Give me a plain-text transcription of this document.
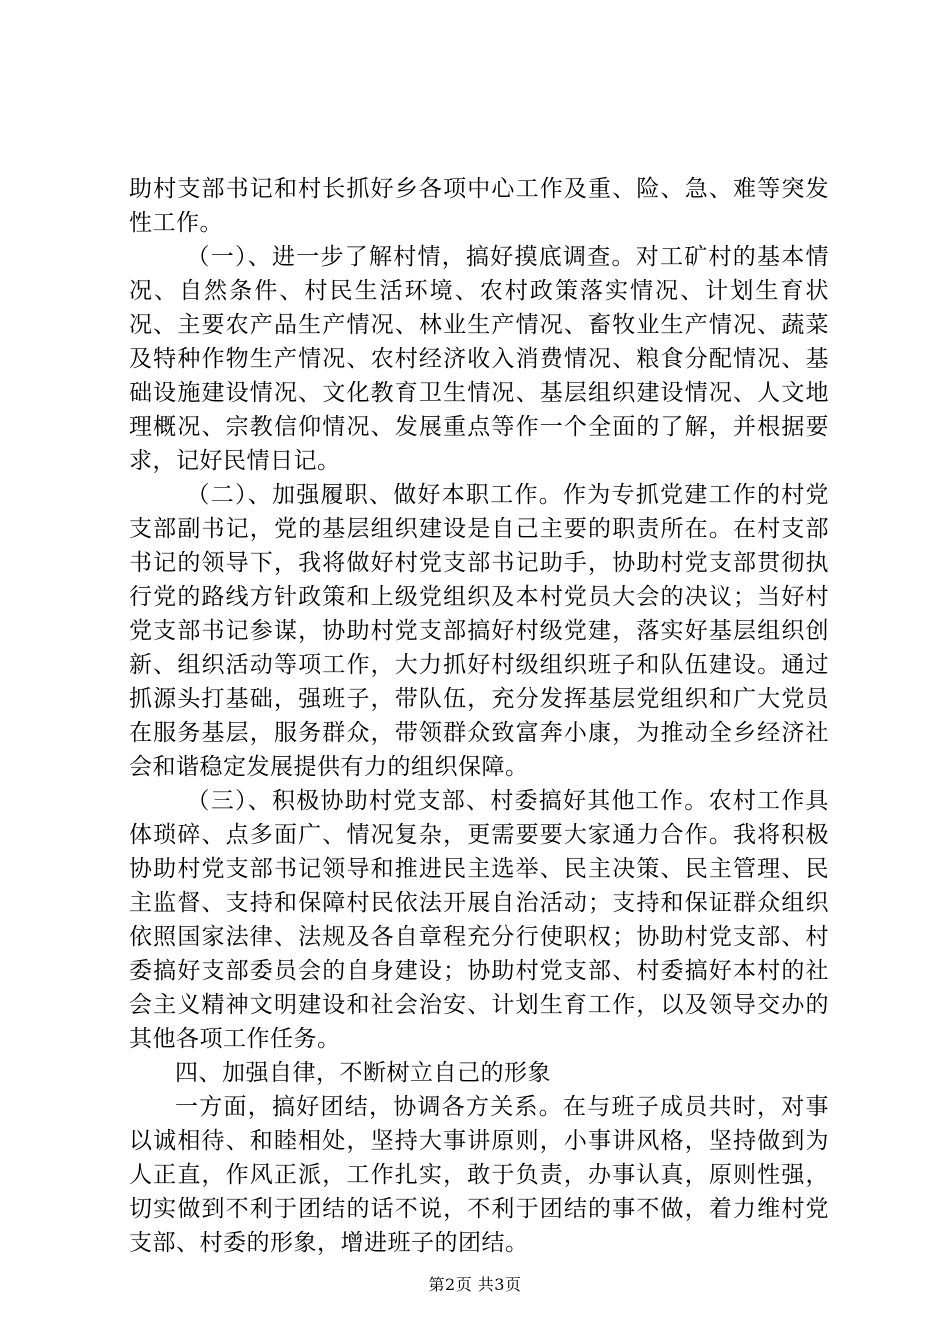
助村支部书记和村长抓好乡各项中心工作及重、险、急、难等突发性工作。

（一）、进一步了解村情，搞好摸底调查。对工矿村的基本情况、自然条件、村民生活环境、农村政策落实情况、计划生育状况、主要农产品生产情况、林业生产情况、畜牧业生产情况、蔬菜及特种作物生产情况、农村经济收入消费情况、粮食分配情况、基础设施建设情况、文化教育卫生情况、基层组织建设情况、人文地理概况、宗教信仰情况、发展重点等作一个全面的了解，并根据要求，记好民情日记。

（二）、加强履职、做好本职工作。作为专抓党建工作的村党支部副书记，党的基层组织建设是自己主要的职责所在。在村支部书记的领导下，我将做好村党支部书记助手，协助村党支部贯彻执行党的路线方针政策和上级党组织及本村党员大会的决议；当好村党支部书记参谋，协助村党支部搞好村级党建，落实好基层组织创新、组织活动等项工作，大力抓好村级组织班子和队伍建设。通过抓源头打基础，强班子，带队伍，充分发挥基层党组织和广大党员在服务基层，服务群众，带领群众致富奔小康，为推动全乡经济社会和谐稳定发展提供有力的组织保障。

（三）、积极协助村党支部、村委搞好其他工作。农村工作具体琐碎、点多面广、情况复杂，更需要要大家通力合作。我将积极协助村党支部书记领导和推进民主选举、民主决策、民主管理、民主监督、支持和保障村民依法开展自治活动；支持和保证群众组织依照国家法律、法规及各自章程充分行使职权；协助村党支部、村委搞好支部委员会的自身建设；协助村党支部、村委搞好本村的社会主义精神文明建设和社会治安、计划生育工作，以及领导交办的其他各项工作任务。

四、加强自律，不断树立自己的形象

一方面，搞好团结，协调各方关系。在与班子成员共时，对事以诚相待、和睦相处，坚持大事讲原则，小事讲风格，坚持做到为人正直，作风正派，工作扎实，敢于负责，办事认真，原则性强，切实做到不利于团结的话不说，不利于团结的事不做，着力维村党支部、村委的形象，增进班子的团结。

第2页 共3页
